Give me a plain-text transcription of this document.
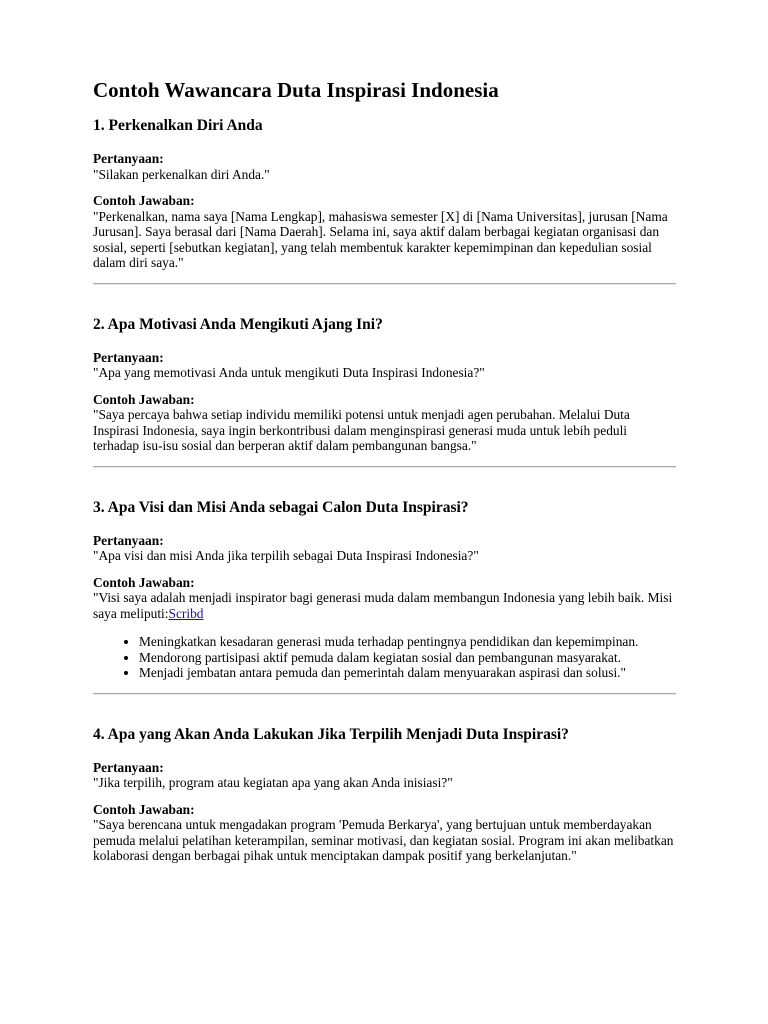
Contoh Wawancara Duta Inspirasi Indonesia
1. Perkenalkan Diri Anda

Pertanyaan:

"Silakan perkenalkan diri Anda."

Contoh Jawaban:

"Perkenalkan, nama saya [Nama Lengkap], mahasiswa semester [X] di [Nama Universitas], jurusan [Nama Jurusan]. Saya berasal dari [Nama Daerah]. Selama ini, saya aktif dalam berbagai kegiatan organisasi dan sosial, seperti [sebutkan kegiatan], yang telah membentuk karakter kepemimpinan dan kepedulian sosial dalam diri saya."

2. Apa Motivasi Anda Mengikuti Ajang Ini?

Pertanyaan:

"Apa yang memotivasi Anda untuk mengikuti Duta Inspirasi Indonesia?"

Contoh Jawaban:

"Saya percaya bahwa setiap individu memiliki potensi untuk menjadi agen perubahan. Melalui Duta Inspirasi Indonesia, saya ingin berkontribusi dalam menginspirasi generasi muda untuk lebih peduli terhadap isu-isu sosial dan berperan aktif dalam pembangunan bangsa."

3. Apa Visi dan Misi Anda sebagai Calon Duta Inspirasi?

Pertanyaan:

"Apa visi dan misi Anda jika terpilih sebagai Duta Inspirasi Indonesia?"

Contoh Jawaban:

"Visi saya adalah menjadi inspirator bagi generasi muda dalam membangun Indonesia yang lebih baik. Misi saya meliputi:Scribd

• Meningkatkan kesadaran generasi muda terhadap pentingnya pendidikan dan kepemimpinan.
• Mendorong partisipasi aktif pemuda dalam kegiatan sosial dan pembangunan masyarakat.
• Menjadi jembatan antara pemuda dan pemerintah dalam menyuarakan aspirasi dan solusi."
4. Apa yang Akan Anda Lakukan Jika Terpilih Menjadi Duta Inspirasi?

Pertanyaan:

"Jika terpilih, program atau kegiatan apa yang akan Anda inisiasi?"

Contoh Jawaban:

"Saya berencana untuk mengadakan program 'Pemuda Berkarya', yang bertujuan untuk memberdayakan pemuda melalui pelatihan keterampilan, seminar motivasi, dan kegiatan sosial. Program ini akan melibatkan kolaborasi dengan berbagai pihak untuk menciptakan dampak positif yang berkelanjutan."
